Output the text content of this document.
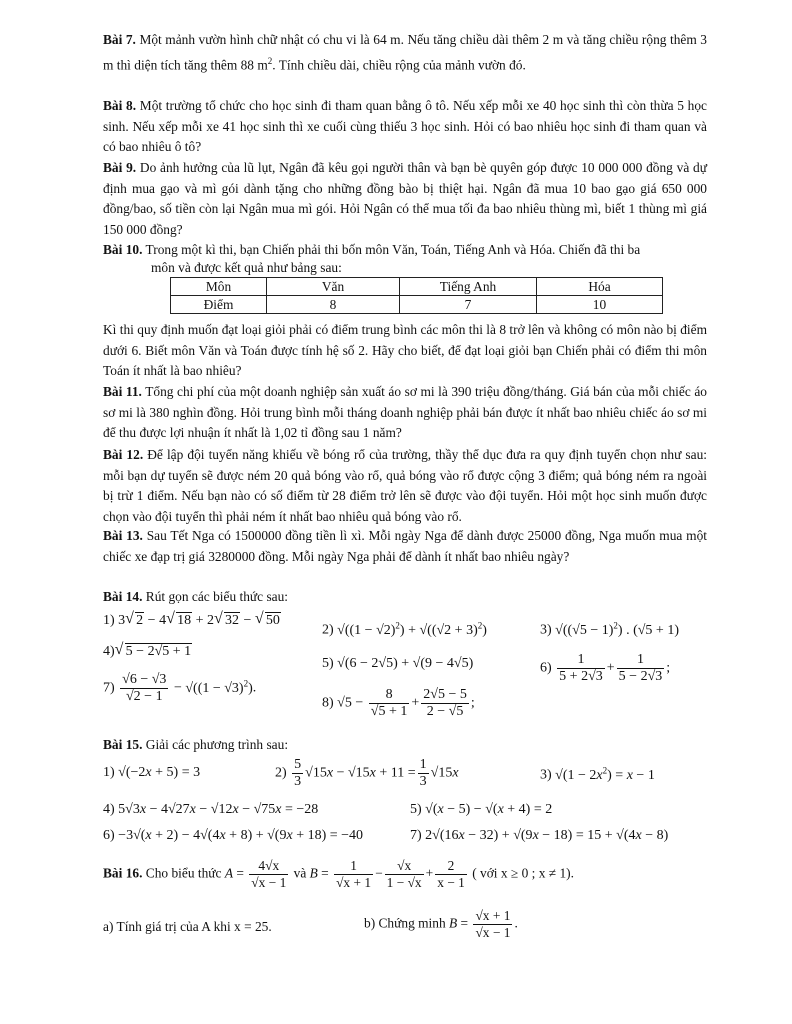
Bài 7. Một mảnh vườn hình chữ nhật có chu vi là 64 m. Nếu tăng chiều dài thêm 2 m và tăng chiều rộng thêm 3 m thì diện tích tăng thêm 88 $m^2$. Tính chiều dài, chiều rộng của mảnh vườn đó.

Bài 8. Một trường tổ chức cho học sinh đi tham quan bằng ô tô. Nếu xếp mỗi xe 40 học sinh thì còn thừa 5 học sinh. Nếu xếp mỗi xe 41 học sinh thì xe cuối cùng thiếu 3 học sinh. Hỏi có bao nhiêu học sinh đi tham quan và có bao nhiêu ô tô?

Bài 9. Do ảnh hưởng của lũ lụt, Ngân đã kêu gọi người thân và bạn bè quyên góp được 10 000 000 đồng và dự định mua gạo và mì gói dành tặng cho những đồng bào bị thiệt hại. Ngân đã mua 10 bao gạo giá 650 000 đồng/bao, số tiền còn lại Ngân mua mì gói. Hỏi Ngân có thể mua tối đa bao nhiêu thùng mì, biết 1 thùng mì giá 150 000 đồng?

Bài 10. Trong một kì thi, bạn Chiến phải thi bốn môn Văn, Toán, Tiếng Anh và Hóa. Chiến đã thi ba

môn và được kết quả như bảng sau:
Môn	Văn	Tiếng Anh	Hóa
Điểm	8	7	10

Kì thi quy định muốn đạt loại giỏi phải có điểm trung bình các môn thi là 8 trở lên và không có môn nào bị điểm dưới 6. Biết môn Văn và Toán được tính hệ số 2. Hãy cho biết, để đạt loại giỏi bạn Chiến phải có điểm thi môn Toán ít nhất là bao nhiêu?

Bài 11. Tổng chi phí của một doanh nghiệp sản xuất áo sơ mi là 390 triệu đồng/tháng. Giá bán của mỗi chiếc áo sơ mi là 380 nghìn đồng. Hỏi trung bình mỗi tháng doanh nghiệp phải bán được ít nhất bao nhiêu chiếc áo sơ mi để thu được lợi nhuận ít nhất là 1,02 tỉ đồng sau 1 năm?

Bài 12. Để lập đội tuyển năng khiếu về bóng rổ của trường, thầy thể dục đưa ra quy định tuyển chọn như sau: mỗi bạn dự tuyển sẽ được ném 20 quả bóng vào rổ, quả bóng vào rổ được cộng 3 điểm; quả bóng ném ra ngoài bị trừ 1 điểm. Nếu bạn nào có số điểm từ 28 điểm trở lên sẽ được vào đội tuyển. Hỏi một học sinh muốn được chọn vào đội tuyển thì phải ném ít nhất bao nhiêu quả bóng vào rổ.

Bài 13. Sau Tết Nga có 1500000 đồng tiền lì xì. Mỗi ngày Nga để dành được 25000 đồng, Nga muốn mua một chiếc xe đạp trị giá 3280000 đồng. Mỗi ngày Nga phải để dành ít nhất bao nhiêu ngày?

Bài 14. Rút gọn các biểu thức sau:

1) 3 √ 2 − 4 √ 18 + 2 √ 32 − √ 50
2) $√((1 - √2)^2) + √((√2 + 3)^2)$	3) $√((√5 - 1)^2)$ . (√5 + 1)
4) √ 5 − 2√5 + 1
5) √(6 − 2√5) + √(9 − 4√5)	$6) \frac{1}{5 + 2√3} + \frac{1}{5 - 2√3}$ ;
$7) \frac{√6 - √3}{√2 - 1} - √((1 - √3)^2)$.
8) $√5 - \frac{8}{√5 + 1} + \frac{2√5 - 5}{2 - √5}$ ;

Bài 15. Giải các phương trình sau:

1) √(−2x + 5) = 3	$2) \frac{5}{3} √15x - √15x + 11 = \frac{1}{3} √15x$	3) $√(1 - 2x^2) = x - 1$
4) 5√3x − 4√27x − √12x − √75x = −28	5) √(x − 5) − √(x + 4) = 2
6) −3√(x + 2) − 4√(4x + 8) + √(9x + 18) = −40	7) 2√(16x − 32) + √(9x − 18) = 15 + √(4x − 8)
Bài 16. Cho biểu thức $A = \frac{4√x}{√x - 1}$ và $B = \frac{1}{√x + 1} - \frac{√x}{1 - √x} + \frac{2}{x - 1}$ ( với x ≥ 0 ; x ≠ 1).
a) Tính giá trị của A khi x = 25.	b) Chứng minh $B = \frac{√x + 1}{√x - 1}$ .
